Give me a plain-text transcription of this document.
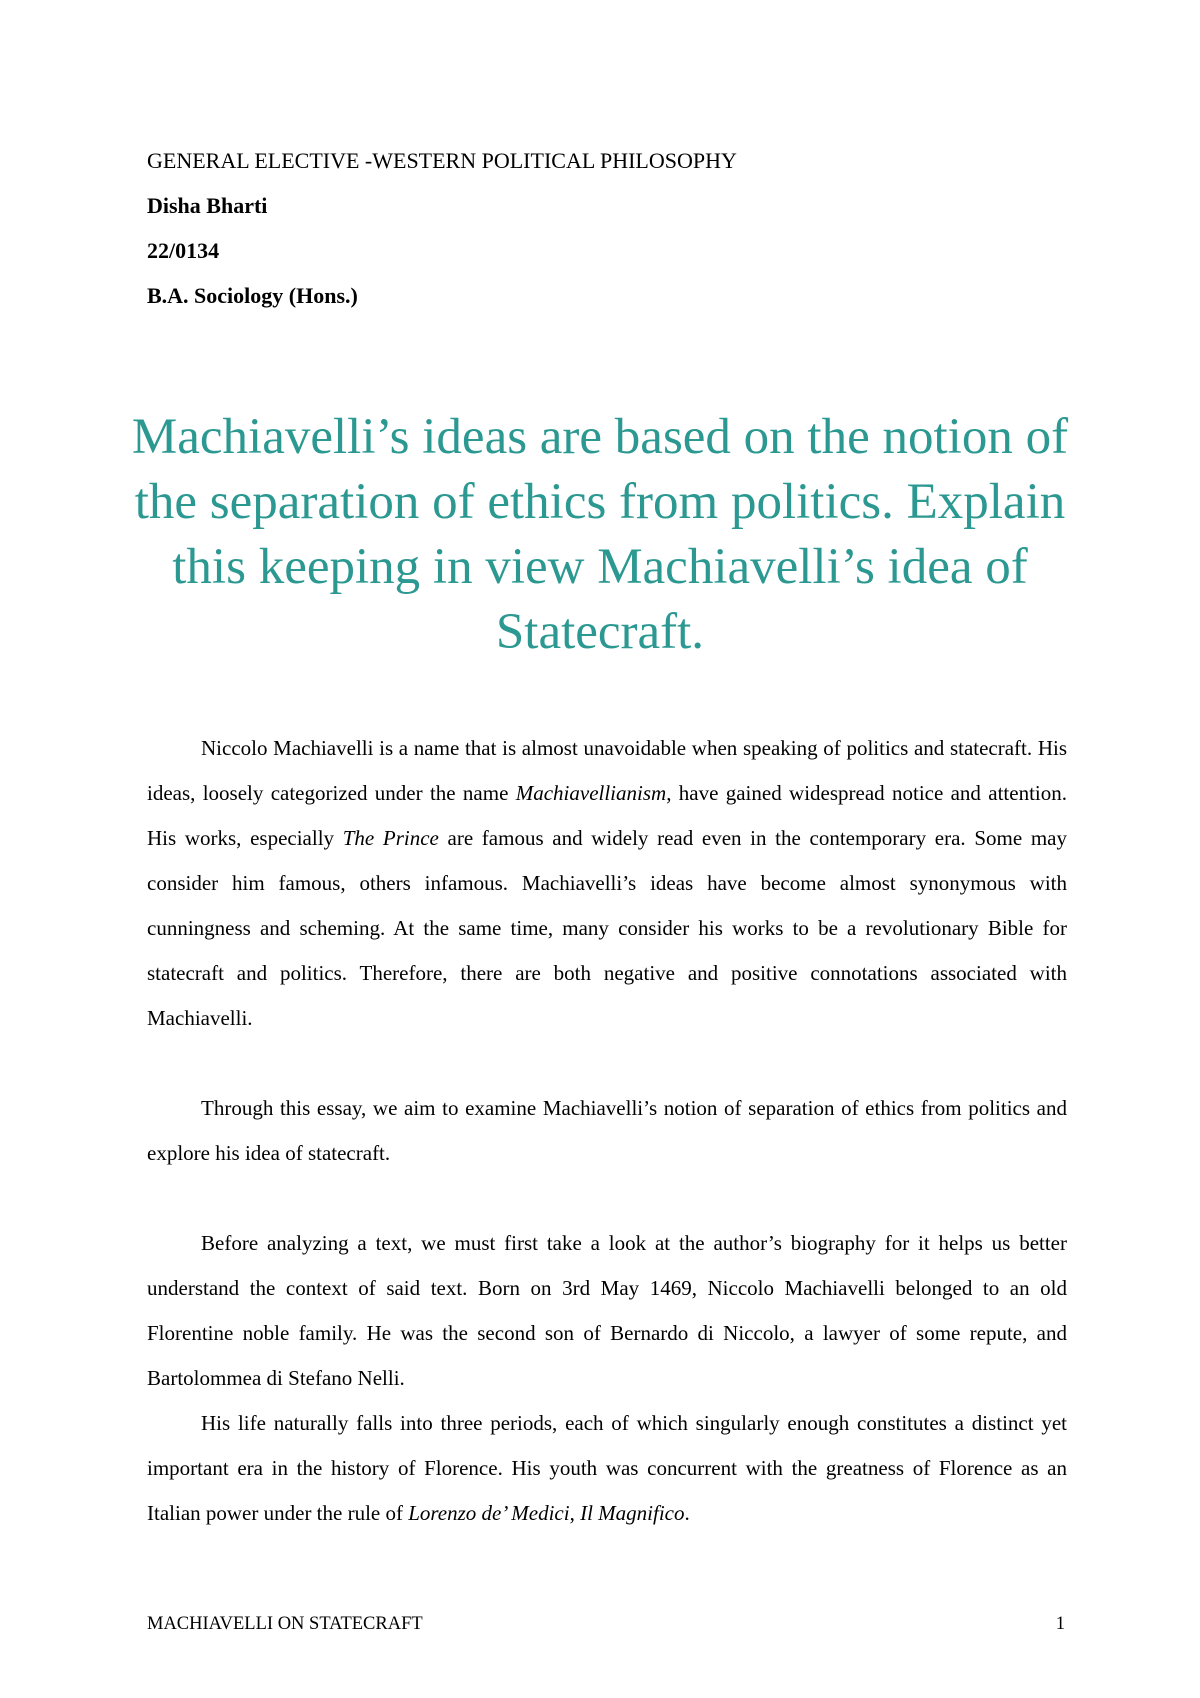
GENERAL ELECTIVE -WESTERN POLITICAL PHILOSOPHY

Disha Bharti

22/0134

B.A. Sociology (Hons.)

Machiavelli’s ideas are based on the notion of the separation of ethics from politics. Explain this keeping in view Machiavelli’s idea of Statecraft.

Niccolo Machiavelli is a name that is almost unavoidable when speaking of politics and statecraft. His ideas, loosely categorized under the name Machiavellianism, have gained widespread notice and attention. His works, especially The Prince are famous and widely read even in the contemporary era. Some may consider him famous, others infamous. Machiavelli’s ideas have become almost synonymous with cunningness and scheming. At the same time, many consider his works to be a revolutionary Bible for statecraft and politics. Therefore, there are both negative and positive connotations associated with Machiavelli.

Through this essay, we aim to examine Machiavelli’s notion of separation of ethics from politics and explore his idea of statecraft.

Before analyzing a text, we must first take a look at the author’s biography for it helps us better understand the context of said text. Born on 3rd May 1469, Niccolo Machiavelli belonged to an old Florentine noble family. He was the second son of Bernardo di Niccolo, a lawyer of some repute, and Bartolommea di Stefano Nelli.

His life naturally falls into three periods, each of which singularly enough constitutes a distinct yet important era in the history of Florence. His youth was concurrent with the greatness of Florence as an Italian power under the rule of Lorenzo de’ Medici, Il Magnifico.

MACHIAVELLI ON STATECRAFT	1
